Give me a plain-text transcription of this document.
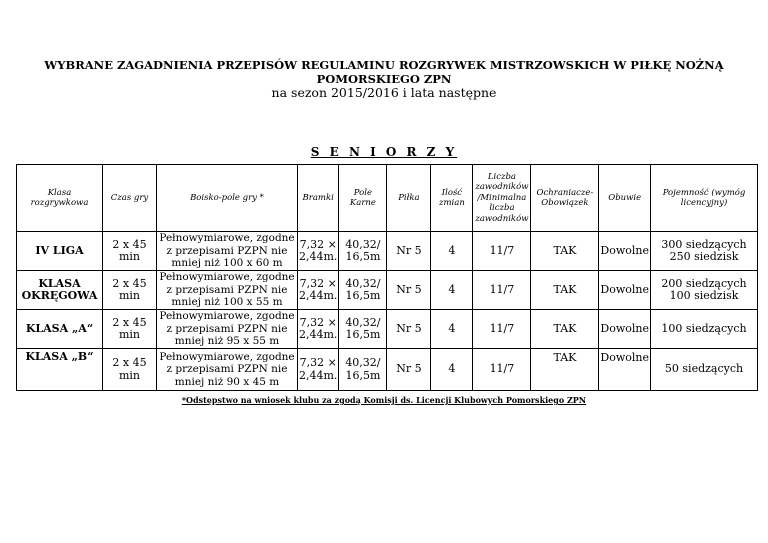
WYBRANE ZAGADNIENIA PRZEPISÓW REGULAMINU ROZGRYWEK MISTRZOWSKICH W PIŁKĘ NOŻNĄ
POMORSKIEGO ZPN
na sezon 2015/2016 i lata następne
S E N I O R Z Y
Klasa rozgrywkowa	Czas gry	Boisko-pole gry *	Bramki	Pole Karne	Piłka	Ilość zmian	Liczba zawodników /Minimalna liczba zawodników	Ochraniacze- Obowiązek	Obuwie	Pojemność (wymóg licencyjny)
IV LIGA	2 x 45 min	Pełnowymiarowe, zgodne z przepisami PZPN nie mniej niż 100 x 60 m	7,32 × 2,44m.	40,32/ 16,5m	Nr 5	4	11/7	TAK	Dowolne	300 siedzących 250 siedzisk
KLASA OKRĘGOWA	2 x 45 min	Pełnowymiarowe, zgodne z przepisami PZPN nie mniej niż 100 x 55 m	7,32 × 2,44m.	40,32/ 16,5m	Nr 5	4	11/7	TAK	Dowolne	200 siedzących 100 siedzisk
KLASA „A“	2 x 45 min	Pełnowymiarowe, zgodne z przepisami PZPN nie mniej niż 95 x 55 m	7,32 × 2,44m.	40,32/ 16,5m	Nr 5	4	11/7	TAK	Dowolne	100 siedzących
KLASA „B“	2 x 45 min	Pełnowymiarowe, zgodne z przepisami PZPN nie mniej niż 90 x 45 m	7,32 × 2,44m.	40,32/ 16,5m	Nr 5	4	11/7	TAK	Dowolne	50 siedzących
*Odstępstwo na wniosek klubu za zgodą Komisji ds. Licencji Klubowych Pomorskiego ZPN
